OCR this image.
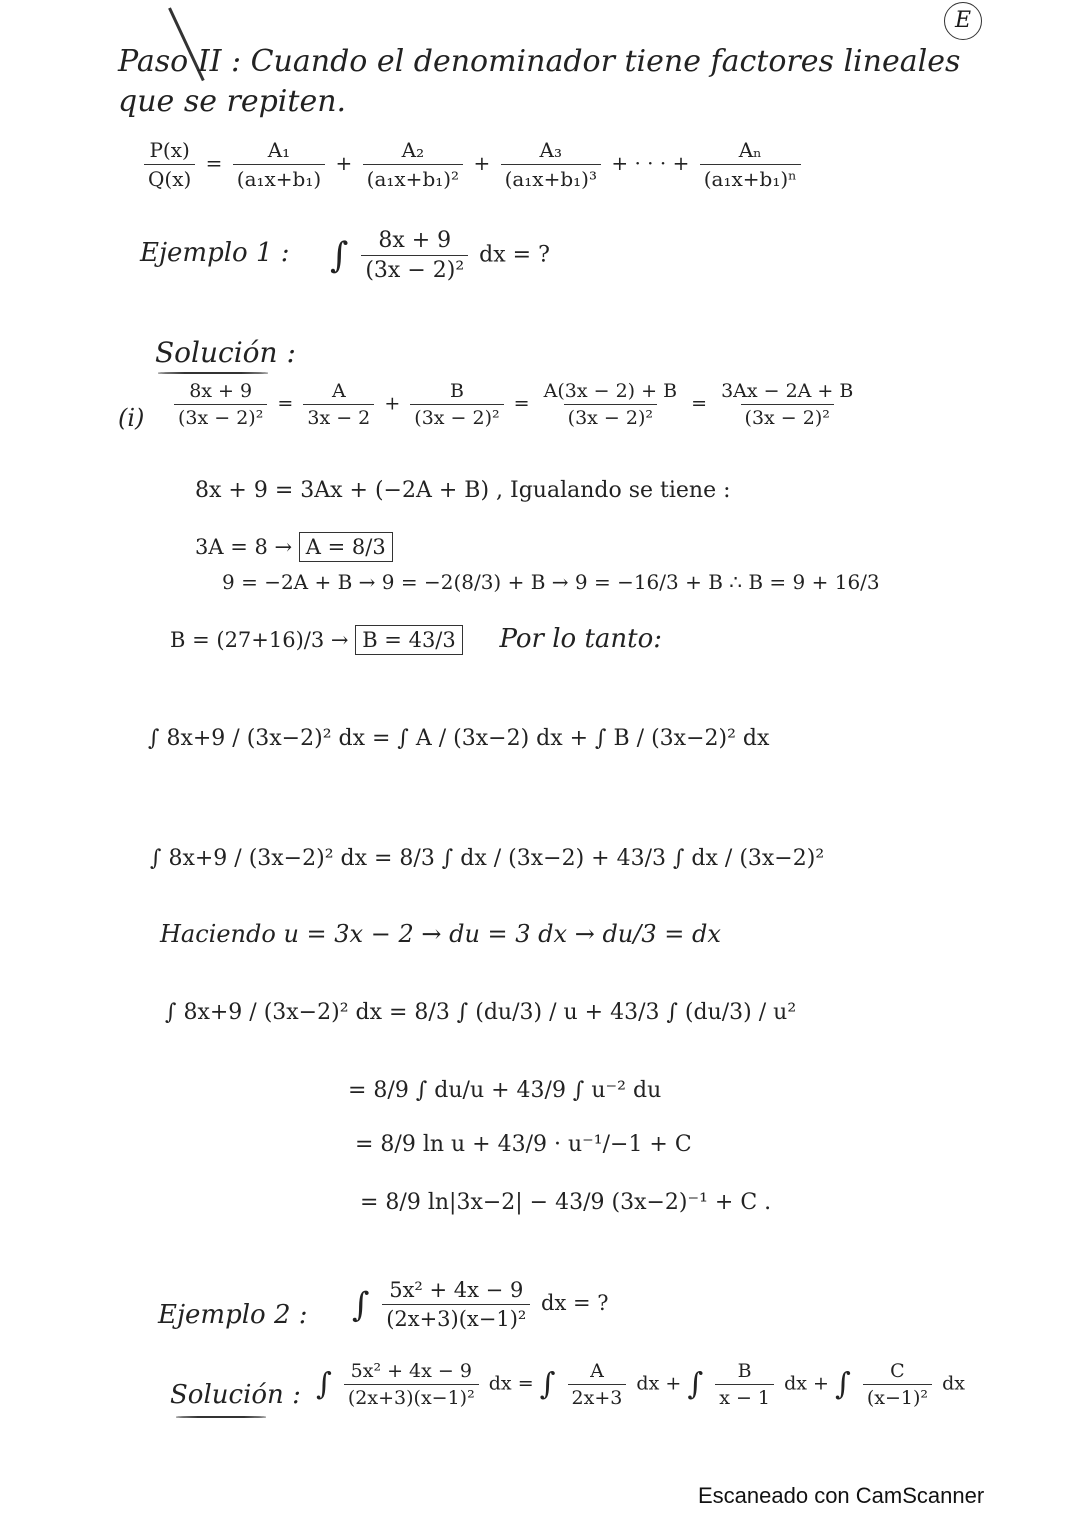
E
Paso II : Cuando el denominador tiene factores lineales
que se repiten.
$\frac{P(x)}{Q(x)} = \frac{\text{A₁}}{\text{(a₁x+b₁)}} + \frac{\text{A₂}}{\text{(a₁x+b₁)²}} + \frac{\text{A₃}}{\text{(a₁x+b₁)³}}$ + · · · + $\frac{\text{Aₙ}}{\text{(a₁x+b₁)ⁿ}}$
Ejemplo 1 : ∫ $\frac{8x + 9}{\text{(3x − 2)²}}$ dx = ?
Solución :
$(i) \frac{8x + 9}{\text{(3x − 2)²}} = \frac{A}{3x - 2} + \frac{B}{\text{(3x − 2)²}} = \frac{A(3x - 2) + B}{\text{(3x − 2)²}} = \frac{3Ax - 2A + B}{\text{(3x − 2)²}}$
8x + 9 = 3Ax + (−2A + B) , Igualando se tiene :
3A = 8 → A = 8/3
9 = −2A + B → 9 = −2(8/3) + B → 9 = −16/3 + B ∴ B = 9 + 16/3
B = (27+16)/3 → B = 43/3 Por lo tanto:
∫ 8x+9 / (3x−2)² dx = ∫ A / (3x−2) dx + ∫ B / (3x−2)² dx
∫ 8x+9 / (3x−2)² dx = 8/3 ∫ dx / (3x−2) + 43/3 ∫ dx / (3x−2)²
Haciendo u = 3x − 2 → du = 3 dx → du/3 = dx
∫ 8x+9 / (3x−2)² dx = 8/3 ∫ (du/3) / u + 43/3 ∫ (du/3) / u²
= 8/9 ∫ du/u + 43/9 ∫ u⁻² du
= 8/9 ln u + 43/9 · u⁻¹/−1 + C
= 8/9 ln|3x−2| − 43/9 (3x−2)⁻¹ + C .
Ejemplo 2 : ∫ $\frac{\text{5x² + 4x − 9}}{\text{(2x+3)(x−1)²}}$ dx = ?
Solución : ∫ $\frac{\text{5x² + 4x − 9}}{\text{(2x+3)(x−1)²}}$ dx = ∫ $\frac{A}{2x+3}$ dx + ∫ $\frac{B}{x - 1}$ dx + ∫ $\frac{C}{\text{(x−1)²}}$ dx
Escaneado con CamScanner
